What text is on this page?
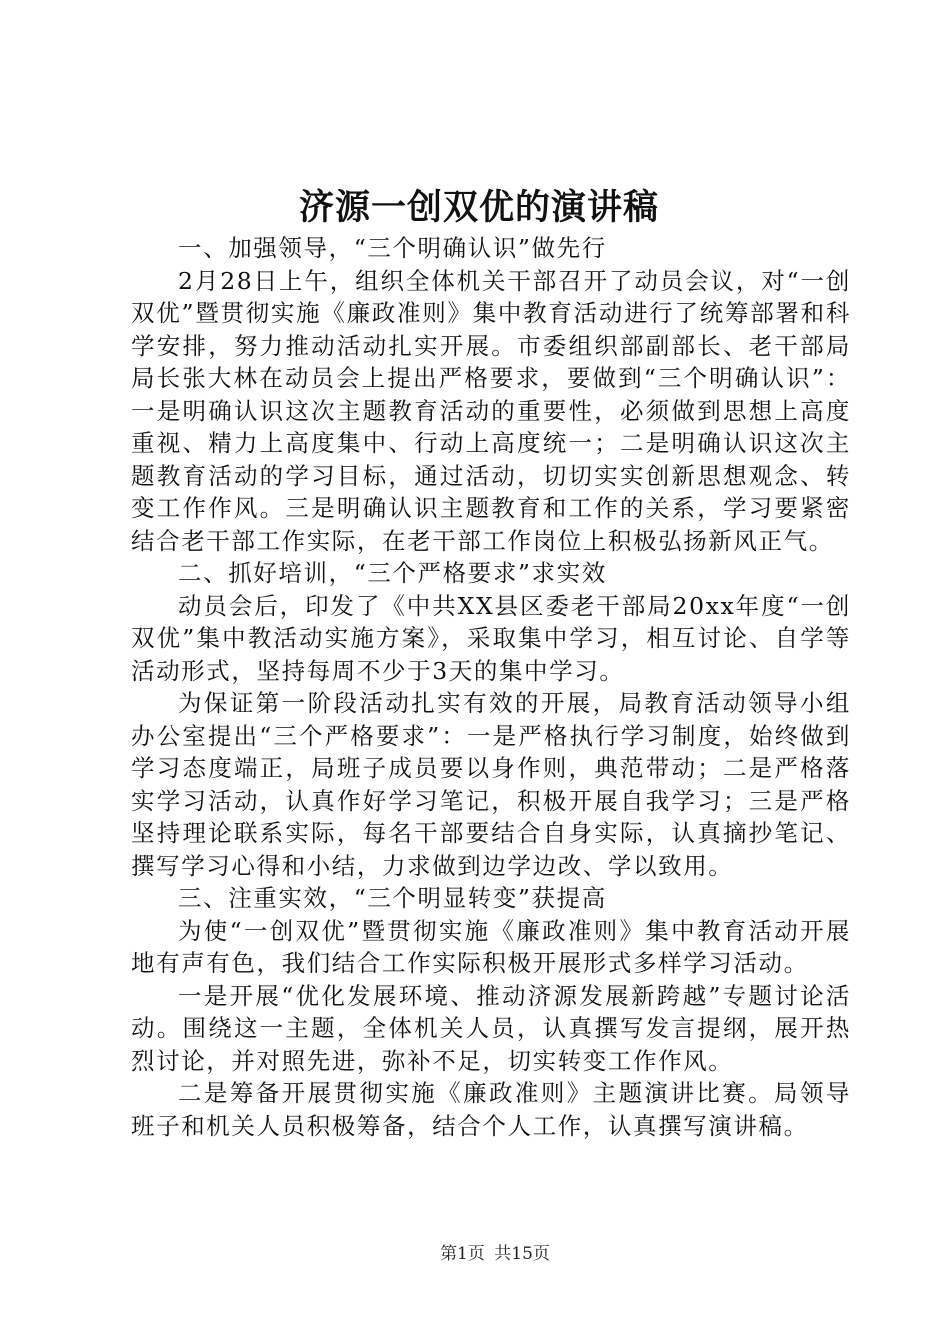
济源一创双优的演讲稿

一、加强领导，“三个明确认识”做先行

2月28日上午，组织全体机关干部召开了动员会议，对“一创双优”暨贯彻实施《廉政准则》集中教育活动进行了统筹部署和科学安排，努力推动活动扎实开展。市委组织部副部长、老干部局局长张大林在动员会上提出严格要求，要做到“三个明确认识”：一是明确认识这次主题教育活动的重要性，必须做到思想上高度重视、精力上高度集中、行动上高度统一；二是明确认识这次主题教育活动的学习目标，通过活动，切切实实创新思想观念、转变工作作风。三是明确认识主题教育和工作的关系，学习要紧密结合老干部工作实际，在老干部工作岗位上积极弘扬新风正气。

二、抓好培训，“三个严格要求”求实效

动员会后，印发了《中共XX县区委老干部局20xx年度“一创双优”集中教活动实施方案》，采取集中学习，相互讨论、自学等活动形式，坚持每周不少于3天的集中学习。

为保证第一阶段活动扎实有效的开展，局教育活动领导小组办公室提出“三个严格要求”：一是严格执行学习制度，始终做到学习态度端正，局班子成员要以身作则，典范带动；二是严格落实学习活动，认真作好学习笔记，积极开展自我学习；三是严格坚持理论联系实际，每名干部要结合自身实际，认真摘抄笔记、撰写学习心得和小结，力求做到边学边改、学以致用。

三、注重实效，“三个明显转变”获提高

为使“一创双优”暨贯彻实施《廉政准则》集中教育活动开展地有声有色，我们结合工作实际积极开展形式多样学习活动。

一是开展“优化发展环境、推动济源发展新跨越”专题讨论活动。围绕这一主题，全体机关人员，认真撰写发言提纲，展开热烈讨论，并对照先进，弥补不足，切实转变工作作风。

二是筹备开展贯彻实施《廉政准则》主题演讲比赛。局领导班子和机关人员积极筹备，结合个人工作，认真撰写演讲稿。

第1页 共15页
